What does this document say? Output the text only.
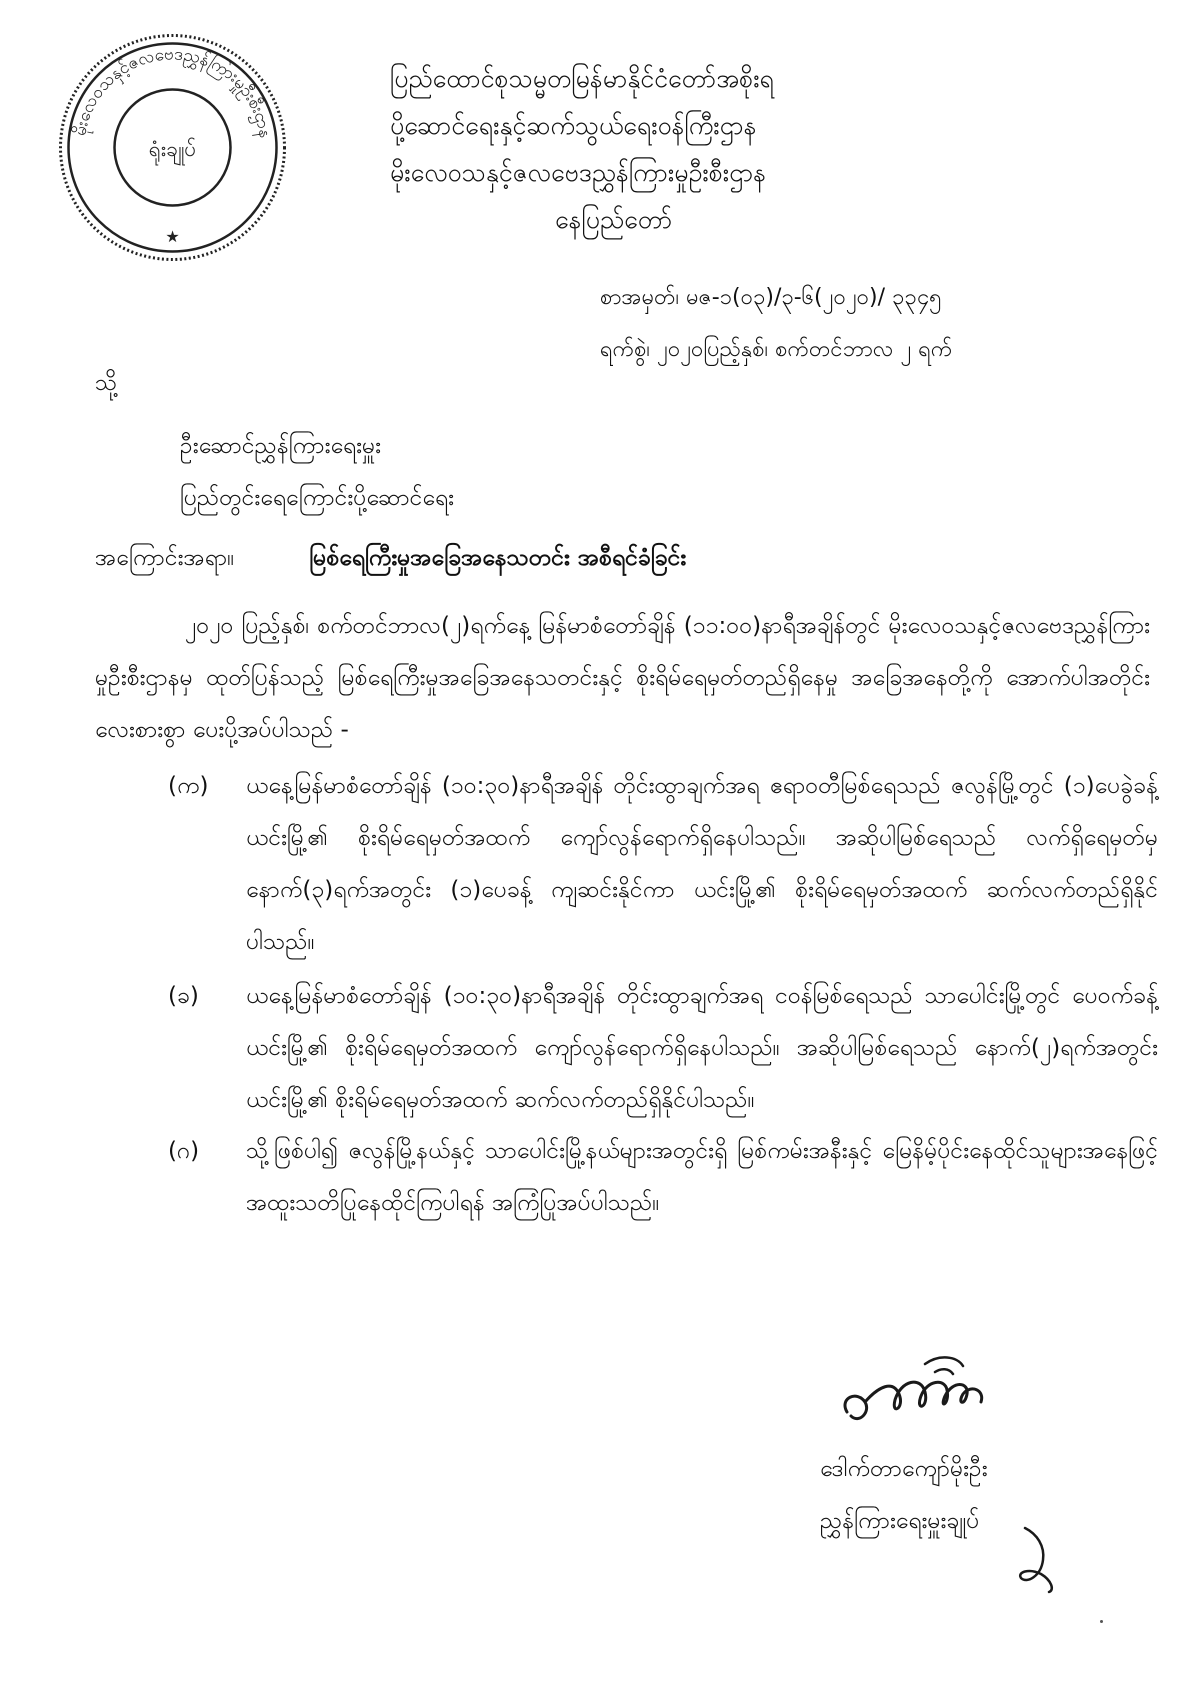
မိုးလေဝသနှင့်ဇလဗေဒညွှန်ကြားမှုဦးစီးဌာန
ရုံးချုပ်
★
ပြည်ထောင်စုသမ္မတမြန်မာနိုင်ငံတော်အစိုးရ
ပို့ဆောင်ရေးနှင့်ဆက်သွယ်ရေးဝန်ကြီးဌာန
မိုးလေဝသနှင့်ဇလဗေဒညွှန်ကြားမှုဦးစီးဌာန
နေပြည်တော်
စာအမှတ်၊ မဇ-၁(၀၃)/၃-၆(၂၀၂၀)/ ၃၃၄၅
ရက်စွဲ၊ ၂၀၂၀ပြည့်နှစ်၊ စက်တင်ဘာလ ၂ ရက်
သို့
ဦးဆောင်ညွှန်ကြားရေးမှူး
ပြည်တွင်းရေကြောင်းပို့ဆောင်ရေး
အကြောင်းအရာ။	မြစ်ရေကြီးမှုအခြေအနေသတင်း အစီရင်ခံခြင်း
၂၀၂၀ ပြည့်နှစ်၊ စက်တင်ဘာလ(၂)ရက်နေ့ မြန်မာစံတော်ချိန် (၁၁:၀၀)နာရီအချိန်တွင် မိုးလေဝသနှင့်ဇလဗေဒညွှန်ကြားမှုဦးစီးဌာနမှ ထုတ်ပြန်သည့် မြစ်ရေကြီးမှုအခြေအနေသတင်းနှင့် စိုးရိမ်ရေမှတ်တည်ရှိနေမှု အခြေအနေတို့ကို အောက်ပါအတိုင်း လေးစားစွာ ပေးပို့အပ်ပါသည် -
(က)	ယနေ့မြန်မာစံတော်ချိန် (၁၀:၃၀)နာရီအချိန် တိုင်းထွာချက်အရ ဧရာဝတီမြစ်ရေသည် ဇလွန်မြို့တွင် (၁)ပေခွဲခန့် ယင်းမြို့၏ စိုးရိမ်ရေမှတ်အထက် ကျော်လွန်ရောက်ရှိနေပါသည်။ အဆိုပါမြစ်ရေသည် လက်ရှိရေမှတ်မှ နောက်(၃)ရက်အတွင်း (၁)ပေခန့် ကျဆင်းနိုင်ကာ ယင်းမြို့၏ စိုးရိမ်ရေမှတ်အထက် ဆက်လက်တည်ရှိနိုင်ပါသည်။
(ခ)	ယနေ့မြန်မာစံတော်ချိန် (၁၀:၃၀)နာရီအချိန် တိုင်းထွာချက်အရ ငဝန်မြစ်ရေသည် သာပေါင်းမြို့တွင် ပေဝက်ခန့် ယင်းမြို့၏ စိုးရိမ်ရေမှတ်အထက် ကျော်လွန်ရောက်ရှိနေပါသည်။ အဆိုပါမြစ်ရေသည် နောက်(၂)ရက်အတွင်း ယင်းမြို့၏ စိုးရိမ်ရေမှတ်အထက် ဆက်လက်တည်ရှိနိုင်ပါသည်။
(ဂ)	သို့ဖြစ်ပါ၍ ဇလွန်မြို့နယ်နှင့် သာပေါင်းမြို့နယ်များအတွင်းရှိ မြစ်ကမ်းအနီးနှင့် မြေနိမ့်ပိုင်းနေထိုင်သူများအနေဖြင့် အထူးသတိပြုနေထိုင်ကြပါရန် အကြံပြုအပ်ပါသည်။
ဒေါက်တာကျော်မိုးဦး
ညွှန်ကြားရေးမှူးချုပ်
